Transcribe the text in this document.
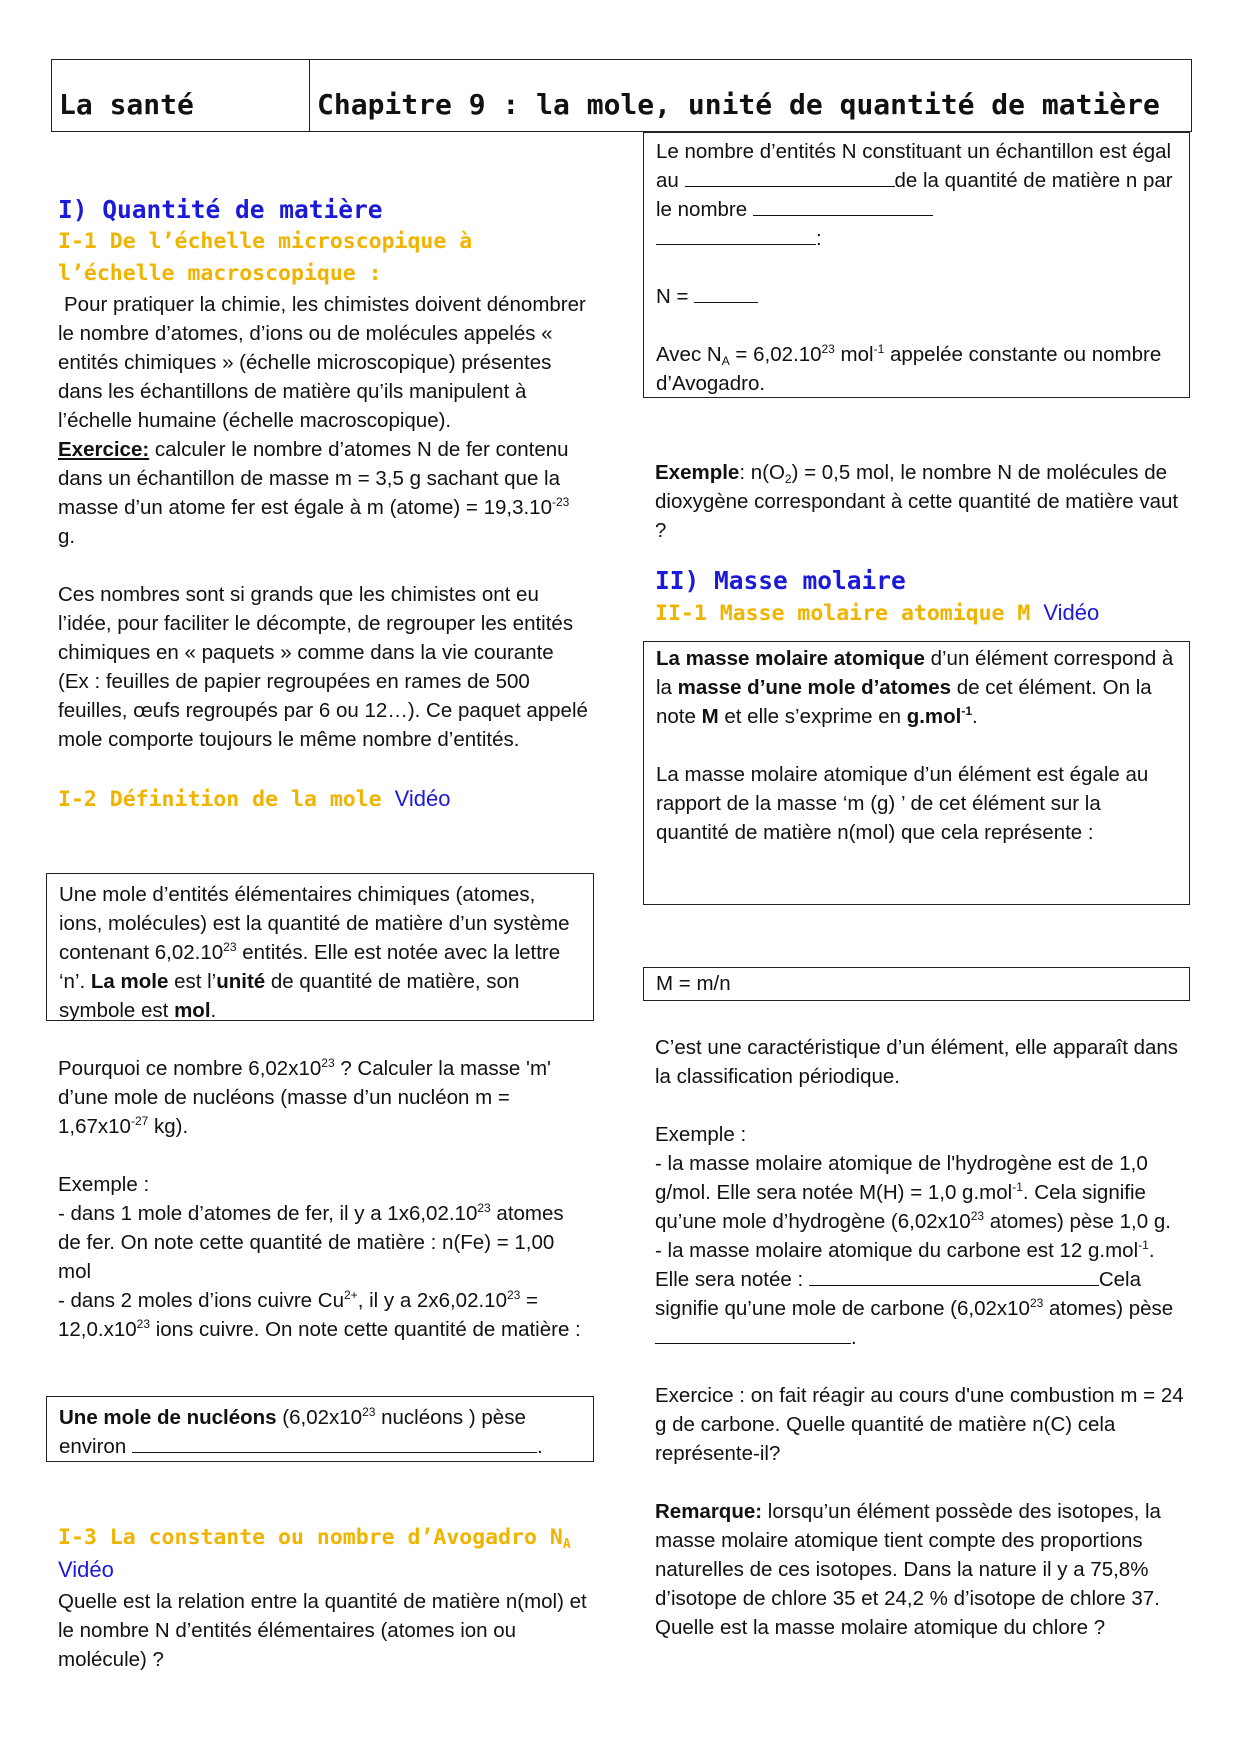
La santé	Chapitre 9 : la mole, unité de quantité de matière
I) Quantité de matière
I-1 De l’échelle microscopique à l’échelle macroscopique :

Pour pratiquer la chimie, les chimistes doivent dénombrer le nombre d’atomes, d’ions ou de molécules appelés « entités chimiques » (échelle microscopique) présentes dans les échantillons de matière qu’ils manipulent à l’échelle humaine (échelle macroscopique).

Exercice: calculer le nombre d’atomes N de fer contenu dans un échantillon de masse m = 3,5 g sachant que la masse d’un atome fer est égale à m (atome) = $19,3.10^{-23}$ g.

Ces nombres sont si grands que les chimistes ont eu l’idée, pour faciliter le décompte, de regrouper les entités chimiques en « paquets » comme dans la vie courante (Ex : feuilles de papier regroupées en rames de 500 feuilles, œufs regroupés par 6 ou 12…). Ce paquet appelé mole comporte toujours le même nombre d’entités.

I-2 Définition de la mole Vidéo
Une mole d’entités élémentaires chimiques (atomes, ions, molécules) est la quantité de matière d’un système contenant 6,02.10$^{23}$ entités. Elle est notée avec la lettre ‘n’. La mole est l’unité de quantité de matière, son symbole est mol.

Pourquoi ce nombre $6,02x10^{23}$ ? Calculer la masse 'm' d’une mole de nucléons (masse d’un nucléon $m = 1,67x10^{-27}$ kg).

Exemple :

- dans 1 mole d’atomes de fer, il y a 1x6,02.10$^{23}$ atomes de fer. On note cette quantité de matière : n(Fe) = 1,00 mol

- dans 2 moles d’ions cuivre $Cu^{2+}$, il y a $2x6,02.10^{23} = 12,0.x10^{23}$ ions cuivre. On note cette quantité de matière :

Une mole de nucléons ($6,02x10^{23}$ nucléons ) pèse environ	.
I-3 La constante ou nombre d’Avogadro $N_A$
Vidéo

Quelle est la relation entre la quantité de matière n(mol) et le nombre N d’entités élémentaires (atomes ion ou molécule) ?

Le nombre d’entités N constituant un échantillon est égal au	de la quantité de matière n par le nombre
:
N =
Avec $N_A = 6,02.10^{23}$ mol$^{-1}$ appelée constante ou nombre d’Avogadro.

Exemple: $n(O_2) = 0,5$ mol, le nombre N de molécules de dioxygène correspondant à cette quantité de matière vaut ?

II) Masse molaire
II-1 Masse molaire atomique M Vidéo
La masse molaire atomique d’un élément correspond à la masse d’une mole d’atomes de cet élément. On la note M et elle s’exprime en g.mol$^{-1}$.
La masse molaire atomique d’un élément est égale au rapport de la masse ‘m (g) ’ de cet élément sur la quantité de matière n(mol) que cela représente :
M = m/n

C’est une caractéristique d’un élément, elle apparaît dans la classification périodique.

Exemple :

- la masse molaire atomique de l'hydrogène est de 1,0 g/mol. Elle sera notée M(H) = 1,0 g.mol$^{-1}$. Cela signifie qu’une mole d’hydrogène ($6,02x10^{23}$ atomes) pèse 1,0 g.

- la masse molaire atomique du carbone est 12 g.mol$^{-1}$. Elle sera notée :	Cela signifie qu’une mole de carbone ($6,02x10^{23}$ atomes) pèse .

Exercice : on fait réagir au cours d'une combustion m = 24 g de carbone. Quelle quantité de matière n(C) cela représente-il?

Remarque: lorsqu’un élément possède des isotopes, la masse molaire atomique tient compte des proportions naturelles de ces isotopes. Dans la nature il y a 75,8% d’isotope de chlore 35 et 24,2 % d’isotope de chlore 37. Quelle est la masse molaire atomique du chlore ?
